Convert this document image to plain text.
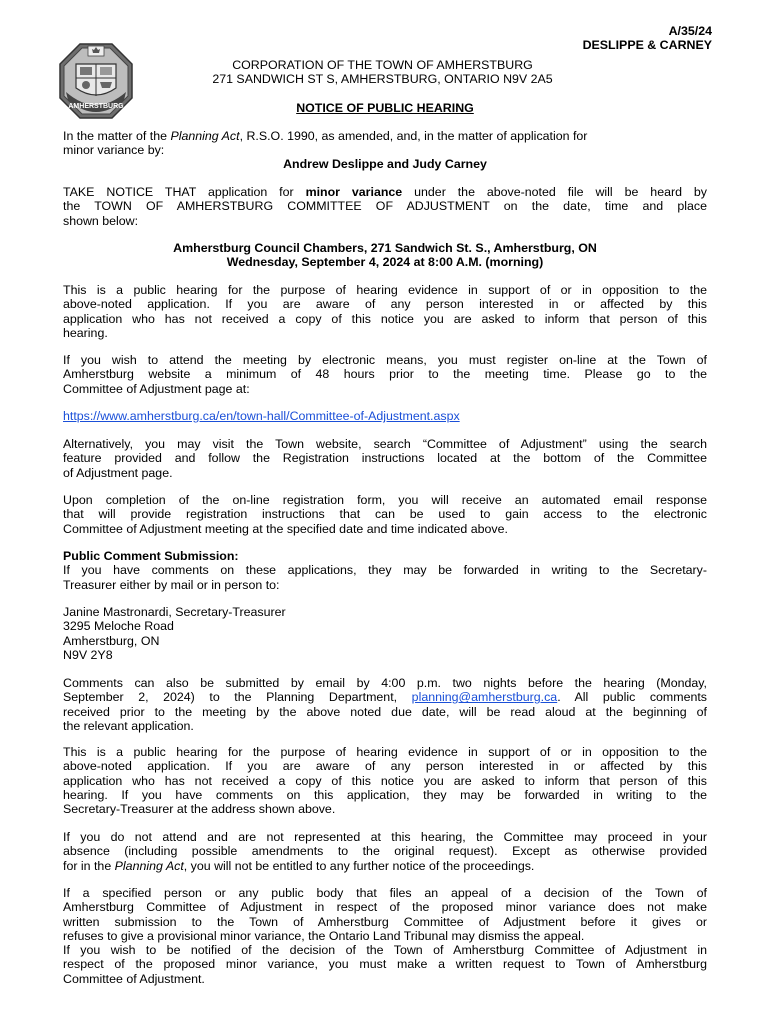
A/35/24
DESLIPPE & CARNEY
AMHERSTBURG
CORPORATION OF THE TOWN OF AMHERSTBURG
271 SANDWICH ST S, AMHERSTBURG, ONTARIO N9V 2A5
NOTICE OF PUBLIC HEARING
In the matter of the Planning Act, R.S.O. 1990, as amended, and, in the matter of application for
minor variance by:
Andrew Deslippe and Judy Carney
TAKE NOTICE THAT application for minor variance under the above-noted file will be heard by
the TOWN OF AMHERSTBURG COMMITTEE OF ADJUSTMENT on the date, time and place
shown below:
Amherstburg Council Chambers, 271 Sandwich St. S., Amherstburg, ON
Wednesday, September 4, 2024 at 8:00 A.M. (morning)
This is a public hearing for the purpose of hearing evidence in support of or in opposition to the
above-noted application. If you are aware of any person interested in or affected by this
application who has not received a copy of this notice you are asked to inform that person of this
hearing.
If you wish to attend the meeting by electronic means, you must register on-line at the Town of
Amherstburg website a minimum of 48 hours prior to the meeting time. Please go to the
Committee of Adjustment page at:
https://www.amherstburg.ca/en/town-hall/Committee-of-Adjustment.aspx
Alternatively, you may visit the Town website, search “Committee of Adjustment” using the search
feature provided and follow the Registration instructions located at the bottom of the Committee
of Adjustment page.
Upon completion of the on-line registration form, you will receive an automated email response
that will provide registration instructions that can be used to gain access to the electronic
Committee of Adjustment meeting at the specified date and time indicated above.
Public Comment Submission:
If you have comments on these applications, they may be forwarded in writing to the Secretary-
Treasurer either by mail or in person to:
Janine Mastronardi, Secretary-Treasurer
3295 Meloche Road
Amherstburg, ON
N9V 2Y8
Comments can also be submitted by email by 4:00 p.m. two nights before the hearing (Monday,
September 2, 2024) to the Planning Department, planning@amherstburg.ca. All public comments
received prior to the meeting by the above noted due date, will be read aloud at the beginning of
the relevant application.
This is a public hearing for the purpose of hearing evidence in support of or in opposition to the
above-noted application. If you are aware of any person interested in or affected by this
application who has not received a copy of this notice you are asked to inform that person of this
hearing. If you have comments on this application, they may be forwarded in writing to the
Secretary-Treasurer at the address shown above.
If you do not attend and are not represented at this hearing, the Committee may proceed in your
absence (including possible amendments to the original request). Except as otherwise provided
for in the Planning Act, you will not be entitled to any further notice of the proceedings.
If a specified person or any public body that files an appeal of a decision of the Town of
Amherstburg Committee of Adjustment in respect of the proposed minor variance does not make
written submission to the Town of Amherstburg Committee of Adjustment before it gives or
refuses to give a provisional minor variance, the Ontario Land Tribunal may dismiss the appeal.
If you wish to be notified of the decision of the Town of Amherstburg Committee of Adjustment in
respect of the proposed minor variance, you must make a written request to Town of Amherstburg
Committee of Adjustment.
